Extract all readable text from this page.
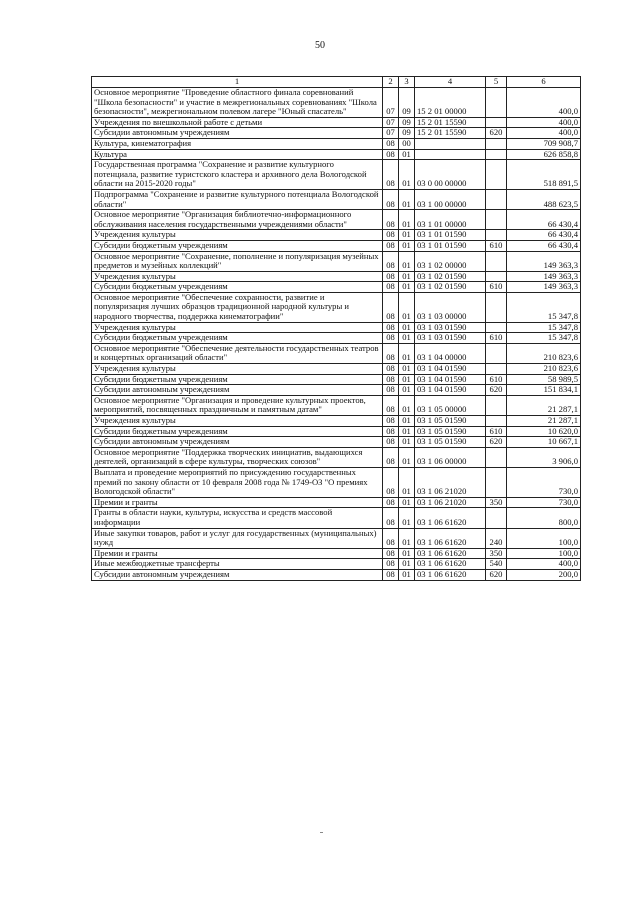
50
1	2	3	4	5	6
Основное мероприятие "Проведение областного финала соревнований "Школа безопасности" и участие в межрегиональных соревнованиях "Школа безопасности", межрегиональном полевом лагере "Юный спасатель"	07	09	15 2 01 00000		400,0
Учреждения по внешкольной работе с детьми	07	09	15 2 01 15590		400,0
Субсидии автономным учреждениям	07	09	15 2 01 15590	620	400,0
Культура, кинематография	08	00			709 908,7
Культура	08	01			626 858,8
Государственная программа "Сохранение и развитие культурного потенциала, развитие туристского кластера и архивного дела Вологодской области на 2015-2020 годы"	08	01	03 0 00 00000		518 891,5
Подпрограмма "Сохранение и развитие культурного потенциала Вологодской области"	08	01	03 1 00 00000		488 623,5
Основное мероприятие "Организация библиотечно-информационного обслуживания населения государственными учреждениями области"	08	01	03 1 01 00000		66 430,4
Учреждения культуры	08	01	03 1 01 01590		66 430,4
Субсидии бюджетным учреждениям	08	01	03 1 01 01590	610	66 430,4
Основное мероприятие "Сохранение, пополнение и популяризация музейных предметов и музейных коллекций"	08	01	03 1 02 00000		149 363,3
Учреждения культуры	08	01	03 1 02 01590		149 363,3
Субсидии бюджетным учреждениям	08	01	03 1 02 01590	610	149 363,3
Основное мероприятие "Обеспечение сохранности, развитие и популяризация лучших образцов традиционной народной культуры и народного творчества, поддержка кинематографии"	08	01	03 1 03 00000		15 347,8
Учреждения культуры	08	01	03 1 03 01590		15 347,8
Субсидии бюджетным учреждениям	08	01	03 1 03 01590	610	15 347,8
Основное мероприятие "Обеспечение деятельности государственных театров и концертных организаций области"	08	01	03 1 04 00000		210 823,6
Учреждения культуры	08	01	03 1 04 01590		210 823,6
Субсидии бюджетным учреждениям	08	01	03 1 04 01590	610	58 989,5
Субсидии автономным учреждениям	08	01	03 1 04 01590	620	151 834,1
Основное мероприятие "Организация и проведение культурных проектов, мероприятий, посвященных праздничным и памятным датам"	08	01	03 1 05 00000		21 287,1
Учреждения культуры	08	01	03 1 05 01590		21 287,1
Субсидии бюджетным учреждениям	08	01	03 1 05 01590	610	10 620,0
Субсидии автономным учреждениям	08	01	03 1 05 01590	620	10 667,1
Основное мероприятие "Поддержка творческих инициатив, выдающихся деятелей, организаций в сфере культуры, творческих союзов"	08	01	03 1 06 00000		3 906,0
Выплата и проведение мероприятий по присуждению государственных премий по закону области от 10 февраля 2008 года № 1749-ОЗ "О премиях Вологодской области"	08	01	03 1 06 21020		730,0
Премии и гранты	08	01	03 1 06 21020	350	730,0
Гранты в области науки, культуры, искусства и средств массовой информации	08	01	03 1 06 61620		800,0
Иные закупки товаров, работ и услуг для государственных (муниципальных) нужд	08	01	03 1 06 61620	240	100,0
Премии и гранты	08	01	03 1 06 61620	350	100,0
Иные межбюджетные трансферты	08	01	03 1 06 61620	540	400,0
Субсидии автономным учреждениям	08	01	03 1 06 61620	620	200,0
